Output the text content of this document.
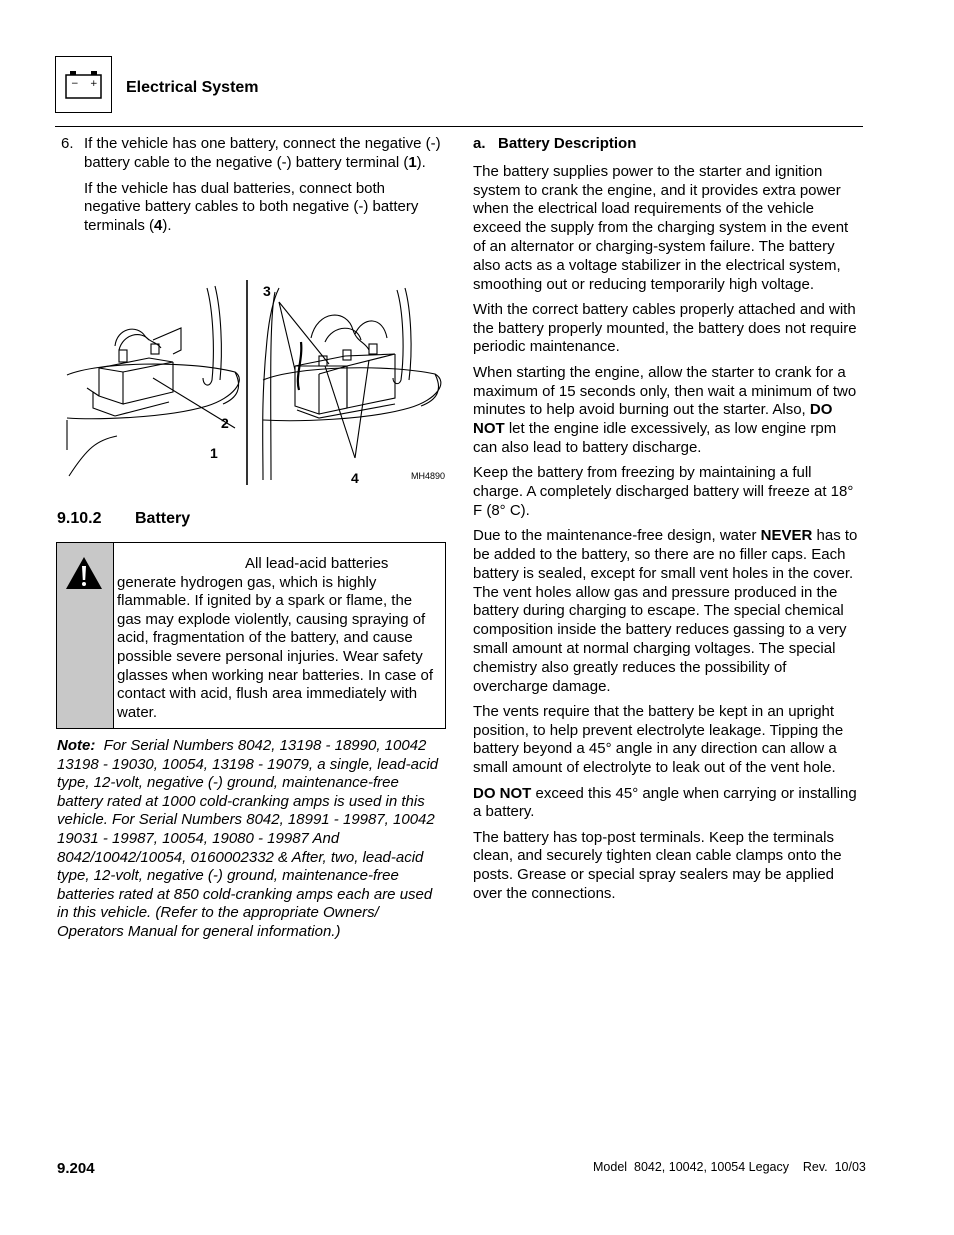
− + Electrical System
6. If the vehicle has one battery, connect the negative (-) battery cable to the negative (-) battery terminal (1).

If the vehicle has dual batteries, connect both negative battery cables to both negative (-) battery terminals (4).

1
2
3
4	MH4890
9.10.2 Battery
All lead-acid batteries generate hydrogen gas, which is highly flammable. If ignited by a spark or flame, the gas may explode violently, causing spraying of acid, fragmentation of the battery, and cause possible severe personal injuries. Wear safety glasses when working near batteries. In case of contact with acid, flush area immediately with water.
Note: For Serial Numbers 8042, 13198 - 18990, 10042 13198 - 19030, 10054, 13198 - 19079, a single, lead-acid type, 12-volt, negative (-) ground, maintenance-free battery rated at 1000 cold-cranking amps is used in this vehicle. For Serial Numbers 8042, 18991 - 19987, 10042 19031 - 19987, 10054, 19080 - 19987 And 8042/10042/10054, 0160002332 & After, two, lead-acid type, 12-volt, negative (-) ground, maintenance-free batteries rated at 850 cold-cranking amps each are used in this vehicle. (Refer to the appropriate Owners/ Operators Manual for general information.)
a.   Battery Description

The battery supplies power to the starter and ignition system to crank the engine, and it provides extra power when the electrical load requirements of the vehicle exceed the supply from the charging system in the event of an alternator or charging-system failure. The battery also acts as a voltage stabilizer in the electrical system, smoothing out or reducing temporarily high voltage.

With the correct battery cables properly attached and with the battery properly mounted, the battery does not require periodic maintenance.

When starting the engine, allow the starter to crank for a maximum of 15 seconds only, then wait a minimum of two minutes to help avoid burning out the starter. Also, DO NOT let the engine idle excessively, as low engine rpm can also lead to battery discharge.

Keep the battery from freezing by maintaining a full charge. A completely discharged battery will freeze at 18° F (8° C).

Due to the maintenance-free design, water NEVER has to be added to the battery, so there are no filler caps. Each battery is sealed, except for small vent holes in the cover. The vent holes allow gas and pressure produced in the battery during charging to escape. The special chemical composition inside the battery reduces gassing to a very small amount at normal charging voltages. The special chemistry also greatly reduces the possibility of overcharge damage.

The vents require that the battery be kept in an upright position, to help prevent electrolyte leakage. Tipping the battery beyond a 45° angle in any direction can allow a small amount of electrolyte to leak out of the vent hole.

DO NOT exceed this 45° angle when carrying or installing a battery.

The battery has top-post terminals. Keep the terminals clean, and securely tighten clean cable clamps onto the posts. Grease or special spray sealers may be applied over the connections.

9.204	Model  8042, 10042, 10054 Legacy    Rev.  10/03
